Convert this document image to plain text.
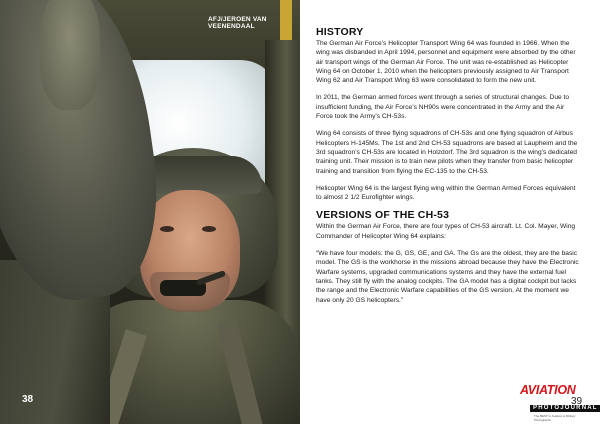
AFJ/JEROEN VAN VEENENDAAL
38
HISTORY

The German Air Force’s Helicopter Transport Wing 64 was founded in 1966. When the wing was disbanded in April 1994, personnel and equipment were absorbed by the other air transport wings of the German Air Force. The unit was re-established as Helicopter Wing 64 on October 1, 2010 when the helicopters previously assigned to Air Transport Wing 62 and Air Transport Wing 63 were consolidated to form the new unit.

In 2011, the German armed forces went through a series of structural changes. Due to insufficient funding, the Air Force’s NH90s were concentrated in the Army and the Air Force took the Army’s CH-53s.

Wing 64 consists of three flying squadrons of CH-53s and one flying squadron of Airbus Helicopters H-145Ms. The 1st and 2nd CH-53 squadrons are based at Laupheim and the 3rd squadron’s CH-53s are located in Holzdorf. The 3rd squadron is the wing’s dedicated training unit. Their mission is to train new pilots when they transfer from basic helicopter training and transition from flying the EC-135 to the CH-53.

Helicopter Wing 64 is the largest flying wing within the German Armed Forces equivalent to almost 2 1/2 Eurofighter wings.

VERSIONS OF THE CH-53

Within the German Air Force, there are four types of CH-53 aircraft. Lt. Col. Mayer, Wing Commander of Helicopter Wing 64 explains:

“We have four models: the G, GS, GE, and GA. The Gs are the oldest, they are the basic model. The GS is the workhorse in the missions abroad because they have the Electronic Warfare systems, upgraded communications systems and they have the external fuel tanks. They still fly with the analog cockpits. The GA model has a digital cockpit but lacks the range and the Electronic Warfare capabilities of the GS version. At the moment we have only 20 GS helicopters.”

AVIATION
PHOTOJOURNAL
The BEST in Aviation & Military Photography
39
